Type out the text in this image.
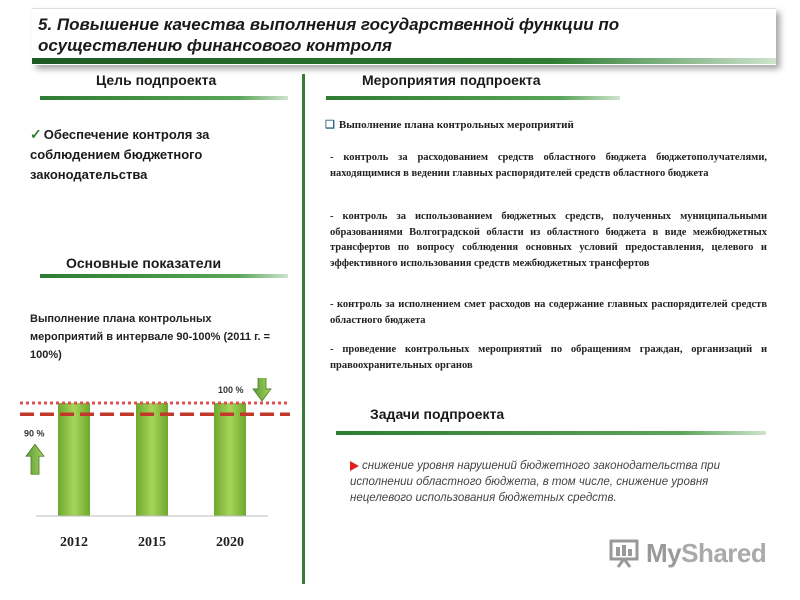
5. Повышение качества выполнения государственной функции по осуществлению финансового контроля
Цель подпроекта
✓ Обеспечение контроля за соблюдением бюджетного законодательства
Основные показатели
Выполнение плана контрольных мероприятий в интервале 90-100% (2011 г. = 100%)
2012	2015	2020
100 %
90 %
Мероприятия подпроекта
❑ Выполнение плана контрольных мероприятий
- контроль за расходованием средств областного бюджета бюджетополучателями, находящимися в ведении главных распорядителей средств областного бюджета
- контроль за использованием бюджетных средств, полученных муниципальными образованиями Волгоградской области из областного бюджета в виде межбюджетных трансфертов по вопросу соблюдения основных условий предоставления, целевого и эффективного использования средств межбюджетных трансфертов
- контроль за исполнением смет расходов на содержание главных распорядителей средств областного бюджета
- проведение контрольных мероприятий по обращениям граждан, организаций и правоохранительных органов
Задачи подпроекта
снижение уровня нарушений бюджетного законодательства при исполнении областного бюджета, в том числе, снижение уровня нецелевого использования бюджетных средств.
MyShared
